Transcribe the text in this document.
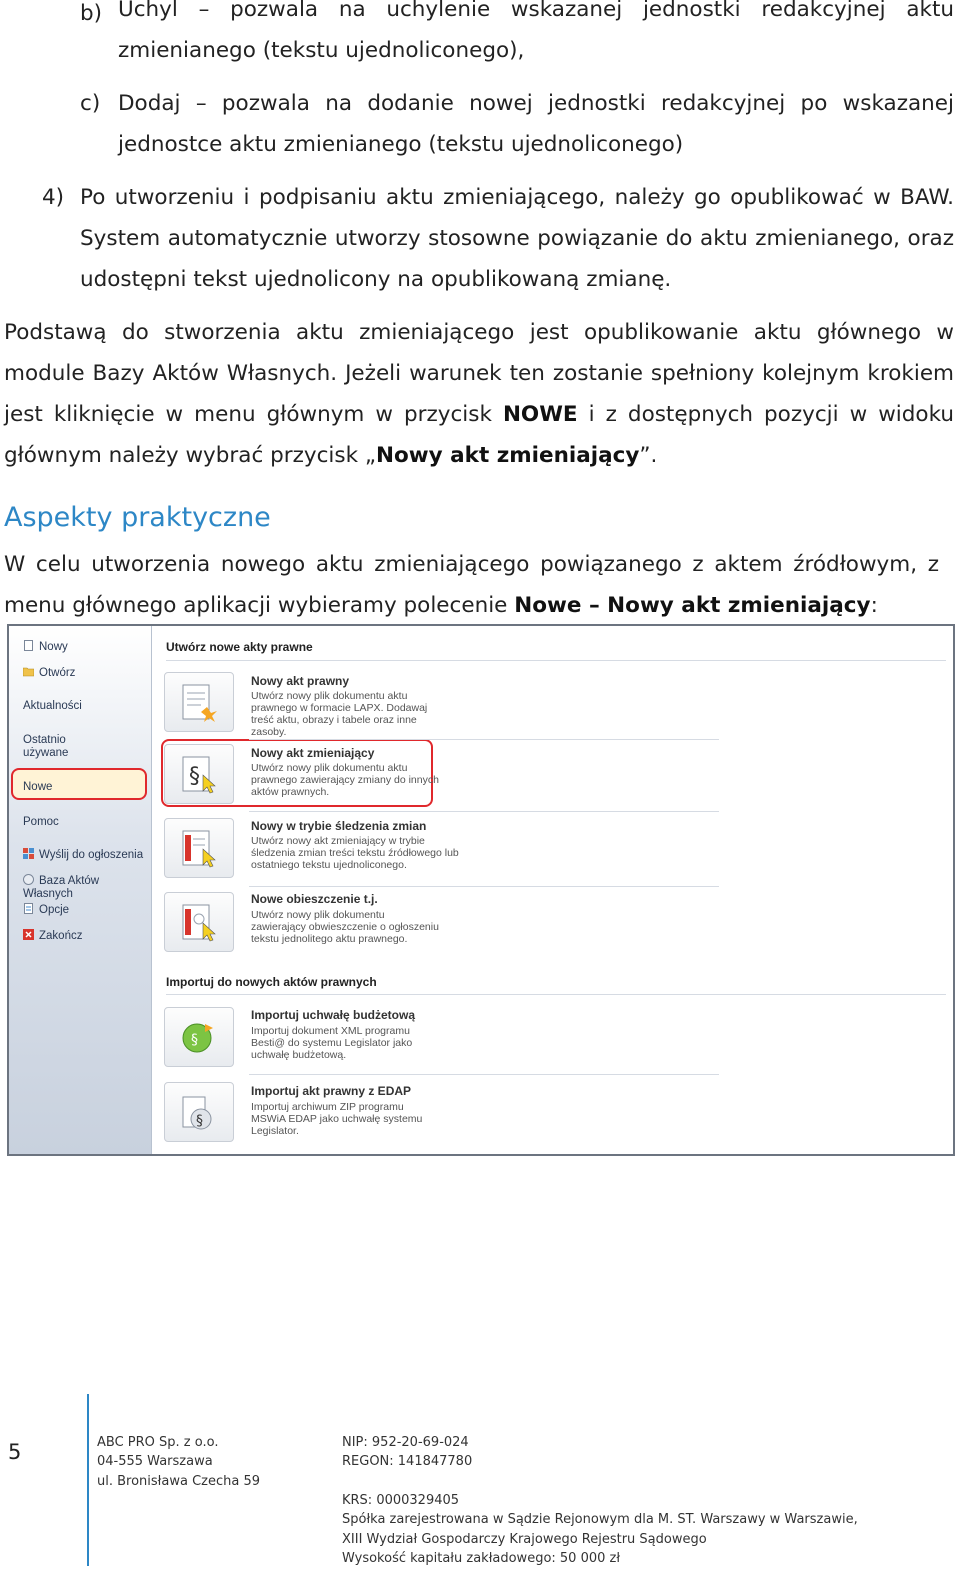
b) Uchyl – pozwala na uchylenie wskazanej jednostki redakcyjnej aktu zmienianego (tekstu ujednoliconego),
c) Dodaj – pozwala na dodanie nowej jednostki redakcyjnej po wskazanej jednostce aktu zmienianego (tekstu ujednoliconego)
4) Po utworzeniu i podpisaniu aktu zmieniającego, należy go opublikować w BAW. System automatycznie utworzy stosowne powiązanie do aktu zmienianego, oraz udostępni tekst ujednolicony na opublikowaną zmianę.
Podstawą do stworzenia aktu zmieniającego jest opublikowanie aktu głównego w module Bazy Aktów Własnych. Jeżeli warunek ten zostanie spełniony kolejnym krokiem jest kliknięcie w menu głównym w przycisk NOWE i z dostępnych pozycji w widoku głównym należy wybrać przycisk „Nowy akt zmieniający”.
Aspekty praktyczne
W celu utworzenia nowego aktu zmieniającego powiązanego z aktem źródłowym, z menu głównego aplikacji wybieramy polecenie Nowe – Nowy akt zmieniający:
Nowy
Otwórz
Aktualności
Ostatnio używane
Nowe
Pomoc
Wyślij do ogłoszenia
Baza Aktów Własnych
Opcje
Zakończ
Utwórz nowe akty prawne
Nowy akt prawny
Utwórz nowy plik dokumentu aktu prawnego w formacie LAPX. Dodawaj treść aktu, obrazy i tabele oraz inne zasoby.
§
Nowy akt zmieniający
Utwórz nowy plik dokumentu aktu prawnego zawierający zmiany do innych aktów prawnych.
Nowy w trybie śledzenia zmian
Utwórz nowy akt zmieniający w trybie śledzenia zmian treści tekstu źródłowego lub ostatniego tekstu ujednoliconego.
Nowe obieszczenie t.j.
Utwórz nowy plik dokumentu zawierający obwieszczenie o ogłoszeniu tekstu jednolitego aktu prawnego.
Importuj do nowych aktów prawnych
§
Importuj uchwałę budżetową
Importuj dokument XML programu Besti@ do systemu Legislator jako uchwałę budżetową.
§
Importuj akt prawny z EDAP
Importuj archiwum ZIP programu MSWiA EDAP jako uchwałę systemu Legislator.
5	ABC PRO Sp. z o.o.
04-555 Warszawa
ul. Bronisława Czecha 59
NIP: 952-20-69-024
REGON: 141847780
KRS: 0000329405
Spółka zarejestrowana w Sądzie Rejonowym dla M. ST. Warszawy w Warszawie,
XIII Wydział Gospodarczy Krajowego Rejestru Sądowego
Wysokość kapitału zakładowego: 50 000 zł
